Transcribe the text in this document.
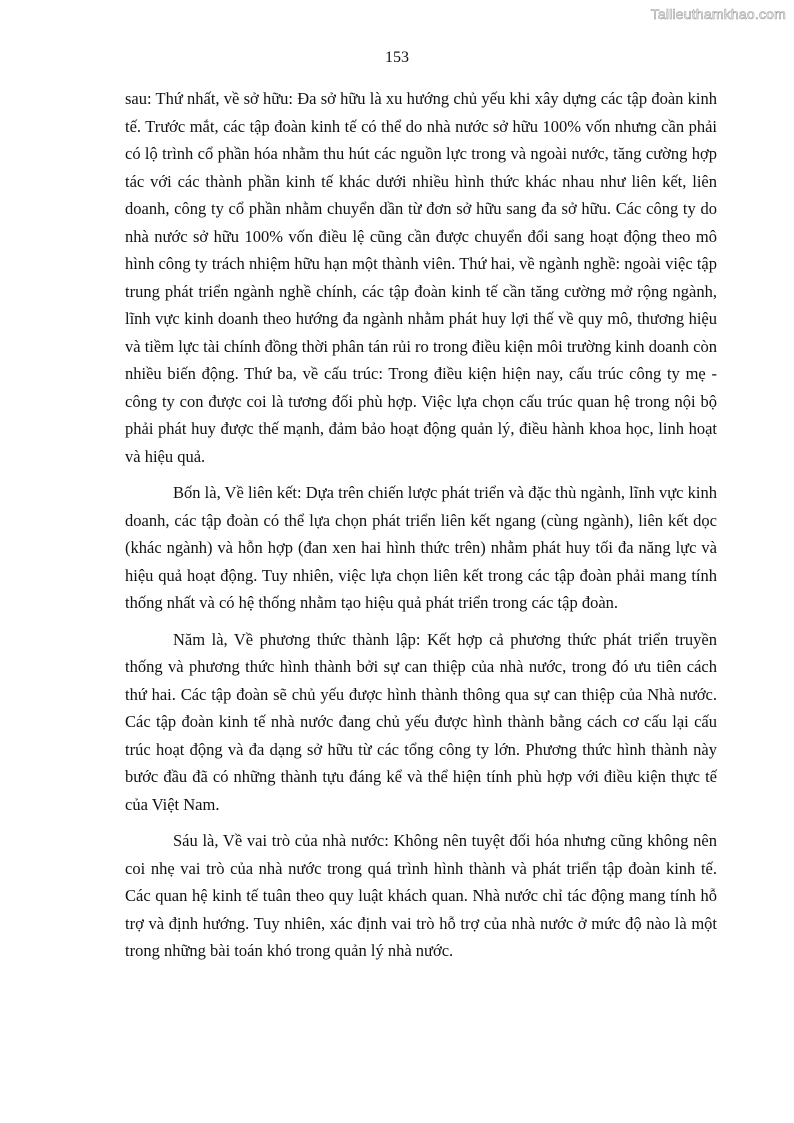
Tailieuthamkhao.com
153

sau: Thứ nhất, về sở hữu: Đa sở hữu là xu hướng chủ yếu khi xây dựng các tập đoàn kinh tế. Trước mắt, các tập đoàn kinh tế có thể do nhà nước sở hữu 100% vốn nhưng cần phải có lộ trình cổ phần hóa nhằm thu hút các nguồn lực trong và ngoài nước, tăng cường hợp tác với các thành phần kinh tế khác dưới nhiều hình thức khác nhau như liên kết, liên doanh, công ty cổ phần nhằm chuyển dần từ đơn sở hữu sang đa sở hữu. Các công ty do nhà nước sở hữu 100% vốn điều lệ cũng cần được chuyển đổi sang hoạt động theo mô hình công ty trách nhiệm hữu hạn một thành viên. Thứ hai, về ngành nghề: ngoài việc tập trung phát triển ngành nghề chính, các tập đoàn kinh tế cần tăng cường mở rộng ngành, lĩnh vực kinh doanh theo hướng đa ngành nhằm phát huy lợi thế về quy mô, thương hiệu và tiềm lực tài chính đồng thời phân tán rủi ro trong điều kiện môi trường kinh doanh còn nhiều biến động. Thứ ba, về cấu trúc: Trong điều kiện hiện nay, cấu trúc công ty mẹ - công ty con được coi là tương đối phù hợp. Việc lựa chọn cấu trúc quan hệ trong nội bộ phải phát huy được thế mạnh, đảm bảo hoạt động quản lý, điều hành khoa học, linh hoạt và hiệu quả.

Bốn là, Về liên kết: Dựa trên chiến lược phát triển và đặc thù ngành, lĩnh vực kinh doanh, các tập đoàn có thể lựa chọn phát triển liên kết ngang (cùng ngành), liên kết dọc (khác ngành) và hỗn hợp (đan xen hai hình thức trên) nhằm phát huy tối đa năng lực và hiệu quả hoạt động. Tuy nhiên, việc lựa chọn liên kết trong các tập đoàn phải mang tính thống nhất và có hệ thống nhằm tạo hiệu quả phát triển trong các tập đoàn.

Năm là, Về phương thức thành lập: Kết hợp cả phương thức phát triển truyền thống và phương thức hình thành bởi sự can thiệp của nhà nước, trong đó ưu tiên cách thứ hai. Các tập đoàn sẽ chủ yếu được hình thành thông qua sự can thiệp của Nhà nước. Các tập đoàn kinh tế nhà nước đang chủ yếu được hình thành bằng cách cơ cấu lại cấu trúc hoạt động và đa dạng sở hữu từ các tổng công ty lớn. Phương thức hình thành này bước đầu đã có những thành tựu đáng kể và thể hiện tính phù hợp với điều kiện thực tế của Việt Nam.

Sáu là, Về vai trò của nhà nước: Không nên tuyệt đối hóa nhưng cũng không nên coi nhẹ vai trò của nhà nước trong quá trình hình thành và phát triển tập đoàn kinh tế. Các quan hệ kinh tế tuân theo quy luật khách quan. Nhà nước chỉ tác động mang tính hỗ trợ và định hướng. Tuy nhiên, xác định vai trò hỗ trợ của nhà nước ở mức độ nào là một trong những bài toán khó trong quản lý nhà nước.
